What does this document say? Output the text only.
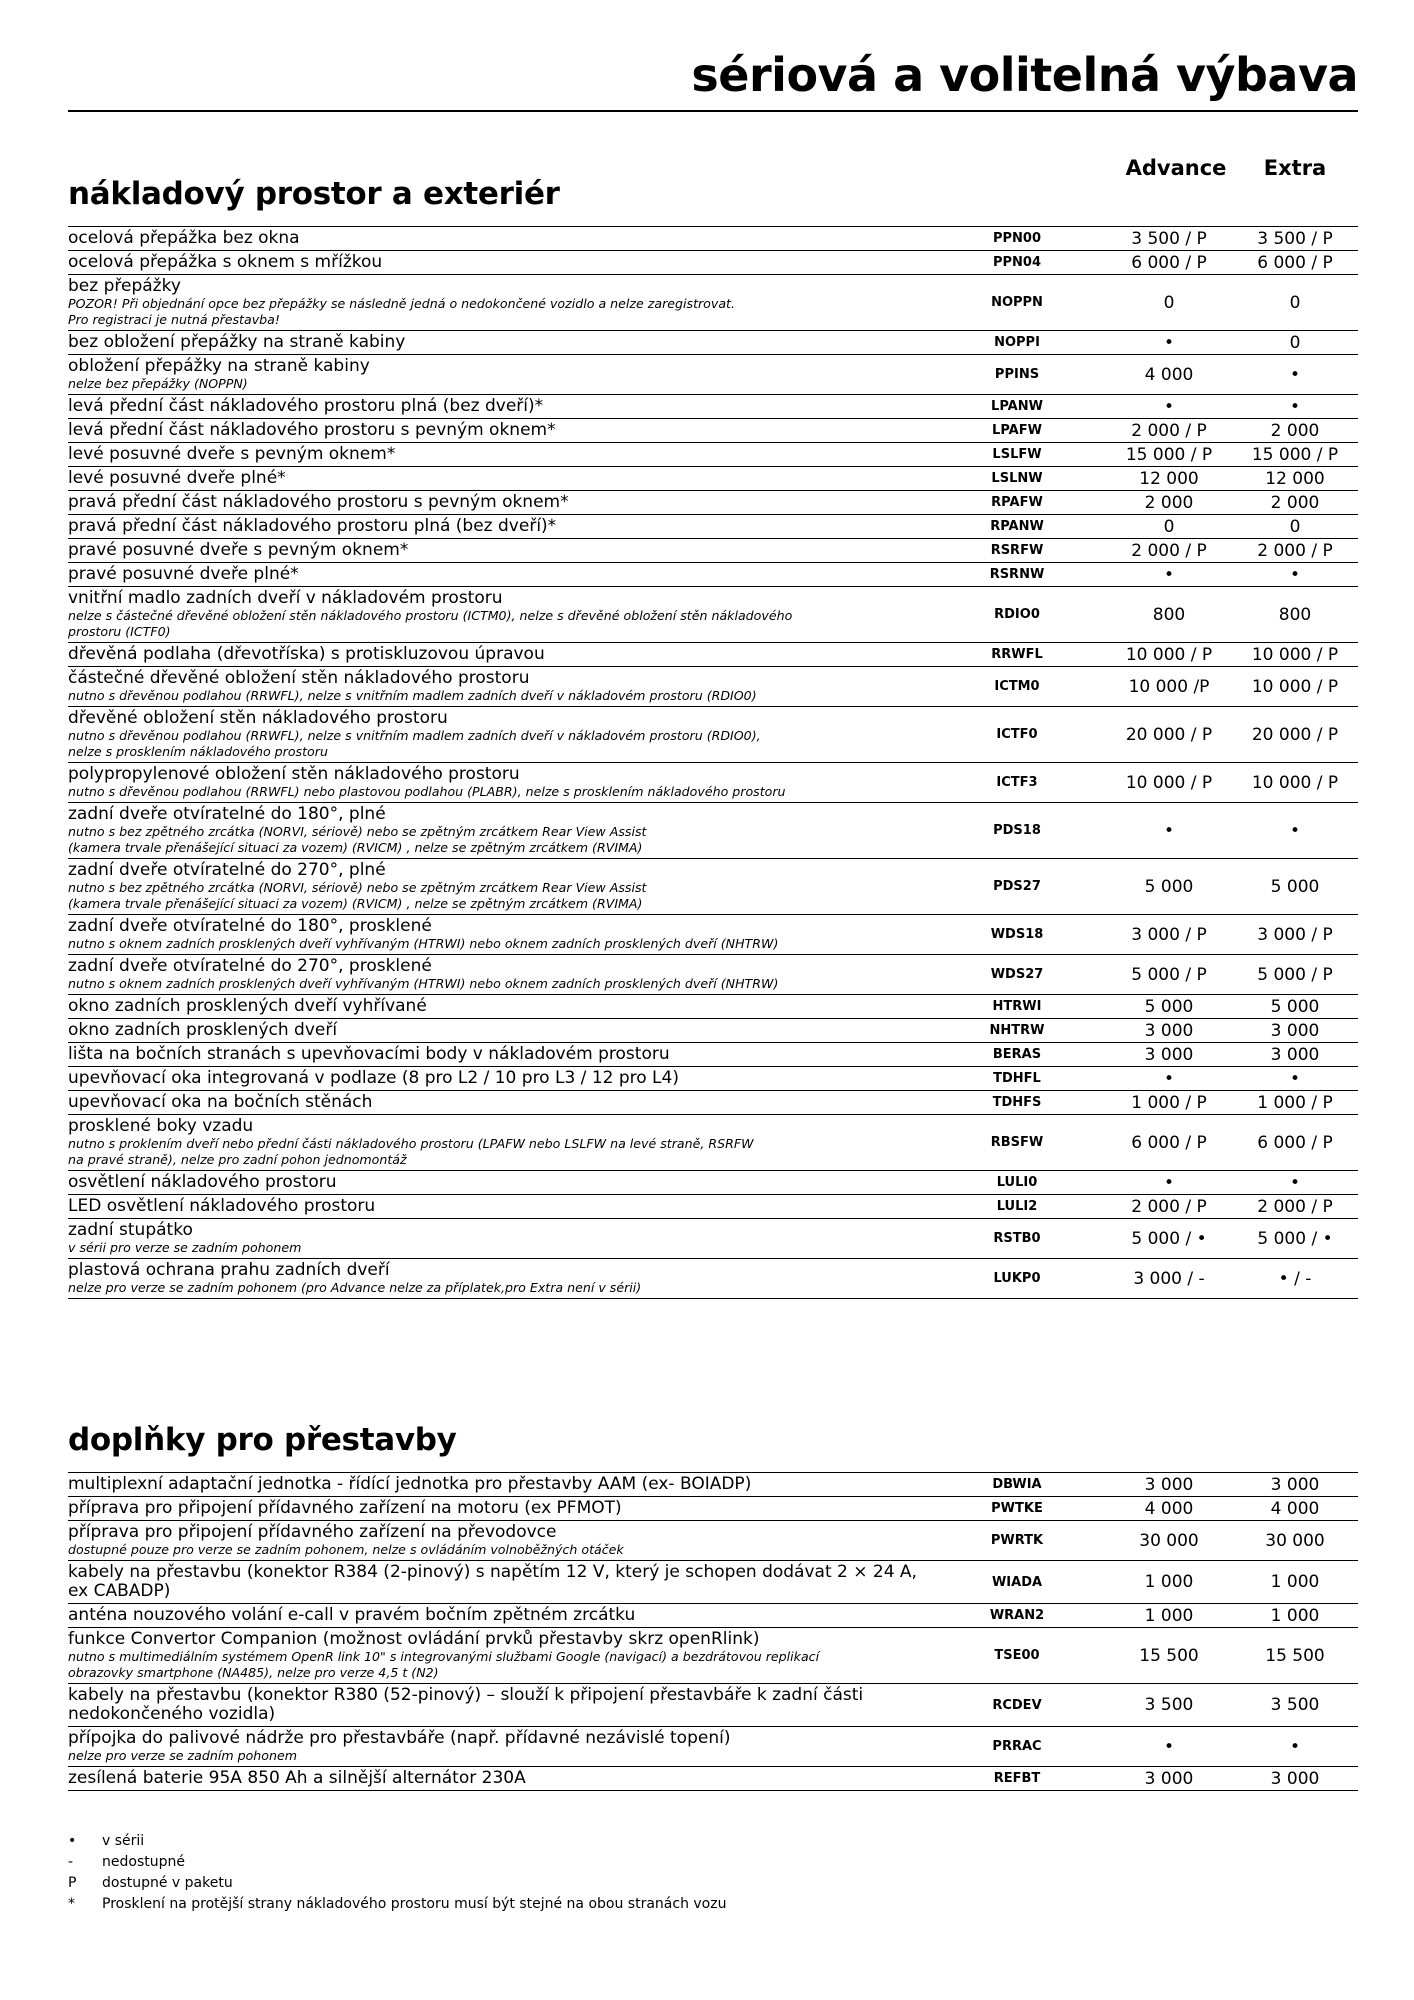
sériová a volitelná výbava
Advance	Extra
nákladový prostor a exteriér
ocelová přepážka bez okna	PPN00	3 500 / P	3 500 / P
ocelová přepážka s oknem s mřížkou	PPN04	6 000 / P	6 000 / P
bez přepážky
POZOR! Při objednání opce bez přepážky se následně jedná o nedokončené vozidlo a nelze zaregistrovat.
Pro registraci je nutná přestavba!
NOPPN	0	0
bez obložení přepážky na straně kabiny	NOPPI	•	0
obložení přepážky na straně kabiny
nelze bez přepážky (NOPPN)
PPINS	4 000	•
levá přední část nákladového prostoru plná (bez dveří)*	LPANW	•	•
levá přední část nákladového prostoru s pevným oknem*	LPAFW	2 000 / P	2 000
levé posuvné dveře s pevným oknem*	LSLFW	15 000 / P	15 000 / P
levé posuvné dveře plné*	LSLNW	12 000	12 000
pravá přední část nákladového prostoru s pevným oknem*	RPAFW	2 000	2 000
pravá přední část nákladového prostoru plná (bez dveří)*	RPANW	0	0
pravé posuvné dveře s pevným oknem*	RSRFW	2 000 / P	2 000 / P
pravé posuvné dveře plné*	RSRNW	•	•
vnitřní madlo zadních dveří v nákladovém prostoru
nelze s částečné dřevěné obložení stěn nákladového prostoru (ICTM0), nelze s dřevěné obložení stěn nákladového
prostoru (ICTF0)
RDIO0	800	800
dřevěná podlaha (dřevotříska) s protiskluzovou úpravou	RRWFL	10 000 / P	10 000 / P
částečné dřevěné obložení stěn nákladového prostoru
nutno s dřevěnou podlahou (RRWFL), nelze s vnitřním madlem zadních dveří v nákladovém prostoru (RDIO0)
ICTM0	10 000 /P	10 000 / P
dřevěné obložení stěn nákladového prostoru
nutno s dřevěnou podlahou (RRWFL), nelze s vnitřním madlem zadních dveří v nákladovém prostoru (RDIO0),
nelze s prosklením nákladového prostoru
ICTF0	20 000 / P	20 000 / P
polypropylenové obložení stěn nákladového prostoru
nutno s dřevěnou podlahou (RRWFL) nebo plastovou podlahou (PLABR), nelze s prosklením nákladového prostoru
ICTF3	10 000 / P	10 000 / P
zadní dveře otvíratelné do 180°, plné
nutno s bez zpětného zrcátka (NORVI, sériově) nebo se zpětným zrcátkem Rear View Assist
(kamera trvale přenášející situaci za vozem) (RVICM) , nelze se zpětným zrcátkem (RVIMA)
PDS18	•	•
zadní dveře otvíratelné do 270°, plné
nutno s bez zpětného zrcátka (NORVI, sériově) nebo se zpětným zrcátkem Rear View Assist
(kamera trvale přenášející situaci za vozem) (RVICM) , nelze se zpětným zrcátkem (RVIMA)
PDS27	5 000	5 000
zadní dveře otvíratelné do 180°, prosklené
nutno s oknem zadních prosklených dveří vyhřívaným (HTRWI) nebo oknem zadních prosklených dveří (NHTRW)
WDS18	3 000 / P	3 000 / P
zadní dveře otvíratelné do 270°, prosklené
nutno s oknem zadních prosklených dveří vyhřívaným (HTRWI) nebo oknem zadních prosklených dveří (NHTRW)
WDS27	5 000 / P	5 000 / P
okno zadních prosklených dveří vyhřívané	HTRWI	5 000	5 000
okno zadních prosklených dveří	NHTRW	3 000	3 000
lišta na bočních stranách s upevňovacími body v nákladovém prostoru	BERAS	3 000	3 000
upevňovací oka integrovaná v podlaze (8 pro L2 / 10 pro L3 / 12 pro L4)	TDHFL	•	•
upevňovací oka na bočních stěnách	TDHFS	1 000 / P	1 000 / P
prosklené boky vzadu
nutno s proklením dveří nebo přední části nákladového prostoru (LPAFW nebo LSLFW na levé straně, RSRFW
na pravé straně), nelze pro zadní pohon jednomontáž
RBSFW	6 000 / P	6 000 / P
osvětlení nákladového prostoru	LULI0	•	•
LED osvětlení nákladového prostoru	LULI2	2 000 / P	2 000 / P
zadní stupátko
v sérii pro verze se zadním pohonem
RSTB0	5 000 / •	5 000 / •
plastová ochrana prahu zadních dveří
nelze pro verze se zadním pohonem (pro Advance nelze za příplatek,pro Extra není v sérii)
LUKP0	3 000 / -	• / -
doplňky pro přestavby
multiplexní adaptační jednotka - řídící jednotka pro přestavby AAM (ex- BOIADP)	DBWIA	3 000	3 000
příprava pro připojení přídavného zařízení na motoru (ex PFMOT)	PWTKE	4 000	4 000
příprava pro připojení přídavného zařízení na převodovce
dostupné pouze pro verze se zadním pohonem, nelze s ovládáním volnoběžných otáček
PWRTK	30 000	30 000
kabely na přestavbu (konektor R384 (2-pinový) s napětím 12 V, který je schopen dodávat 2 × 24 A,
ex CABADP)	WIADA	1 000	1 000
anténa nouzového volání e-call v pravém bočním zpětném zrcátku	WRAN2	1 000	1 000
funkce Convertor Companion (možnost ovládání prvků přestavby skrz openRlink)
nutno s multimediálním systémem OpenR link 10" s integrovanými službami Google (navigací) a bezdrátovou replikací
obrazovky smartphone (NA485), nelze pro verze 4,5 t (N2)
TSE00	15 500	15 500
kabely na přestavbu (konektor R380 (52-pinový) – slouží k připojení přestavbáře k zadní části
nedokončeného vozidla)	RCDEV	3 500	3 500
přípojka do palivové nádrže pro přestavbáře (např. přídavné nezávislé topení)
nelze pro verze se zadním pohonem
PRRAC	•	•
zesílená baterie 95A 850 Ah a silnější alternátor 230A	REFBT	3 000	3 000
•	v sérii
-	nedostupné
P	dostupné v paketu
*	Prosklení na protější strany nákladového prostoru musí být stejné na obou stranách vozu
